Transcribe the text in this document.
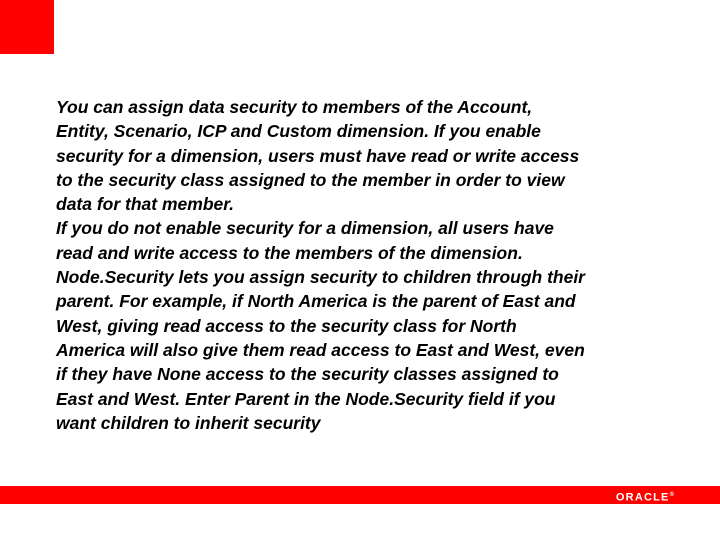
You can assign data security to members of the Account,
Entity, Scenario, ICP and Custom dimension. If you enable
security for a dimension, users must have read or write access
to the security class assigned to the member in order to view
data for that member.
If you do not enable security for a dimension, all users have
read and write access to the members of the dimension.
Node.Security lets you assign security to children through their
parent. For example, if North America is the parent of East and
West, giving read access to the security class for North
America will also give them read access to East and West, even
if they have None access to the security classes assigned to
East and West. Enter Parent in the Node.Security field if you
want children to inherit security
ORACLE®
